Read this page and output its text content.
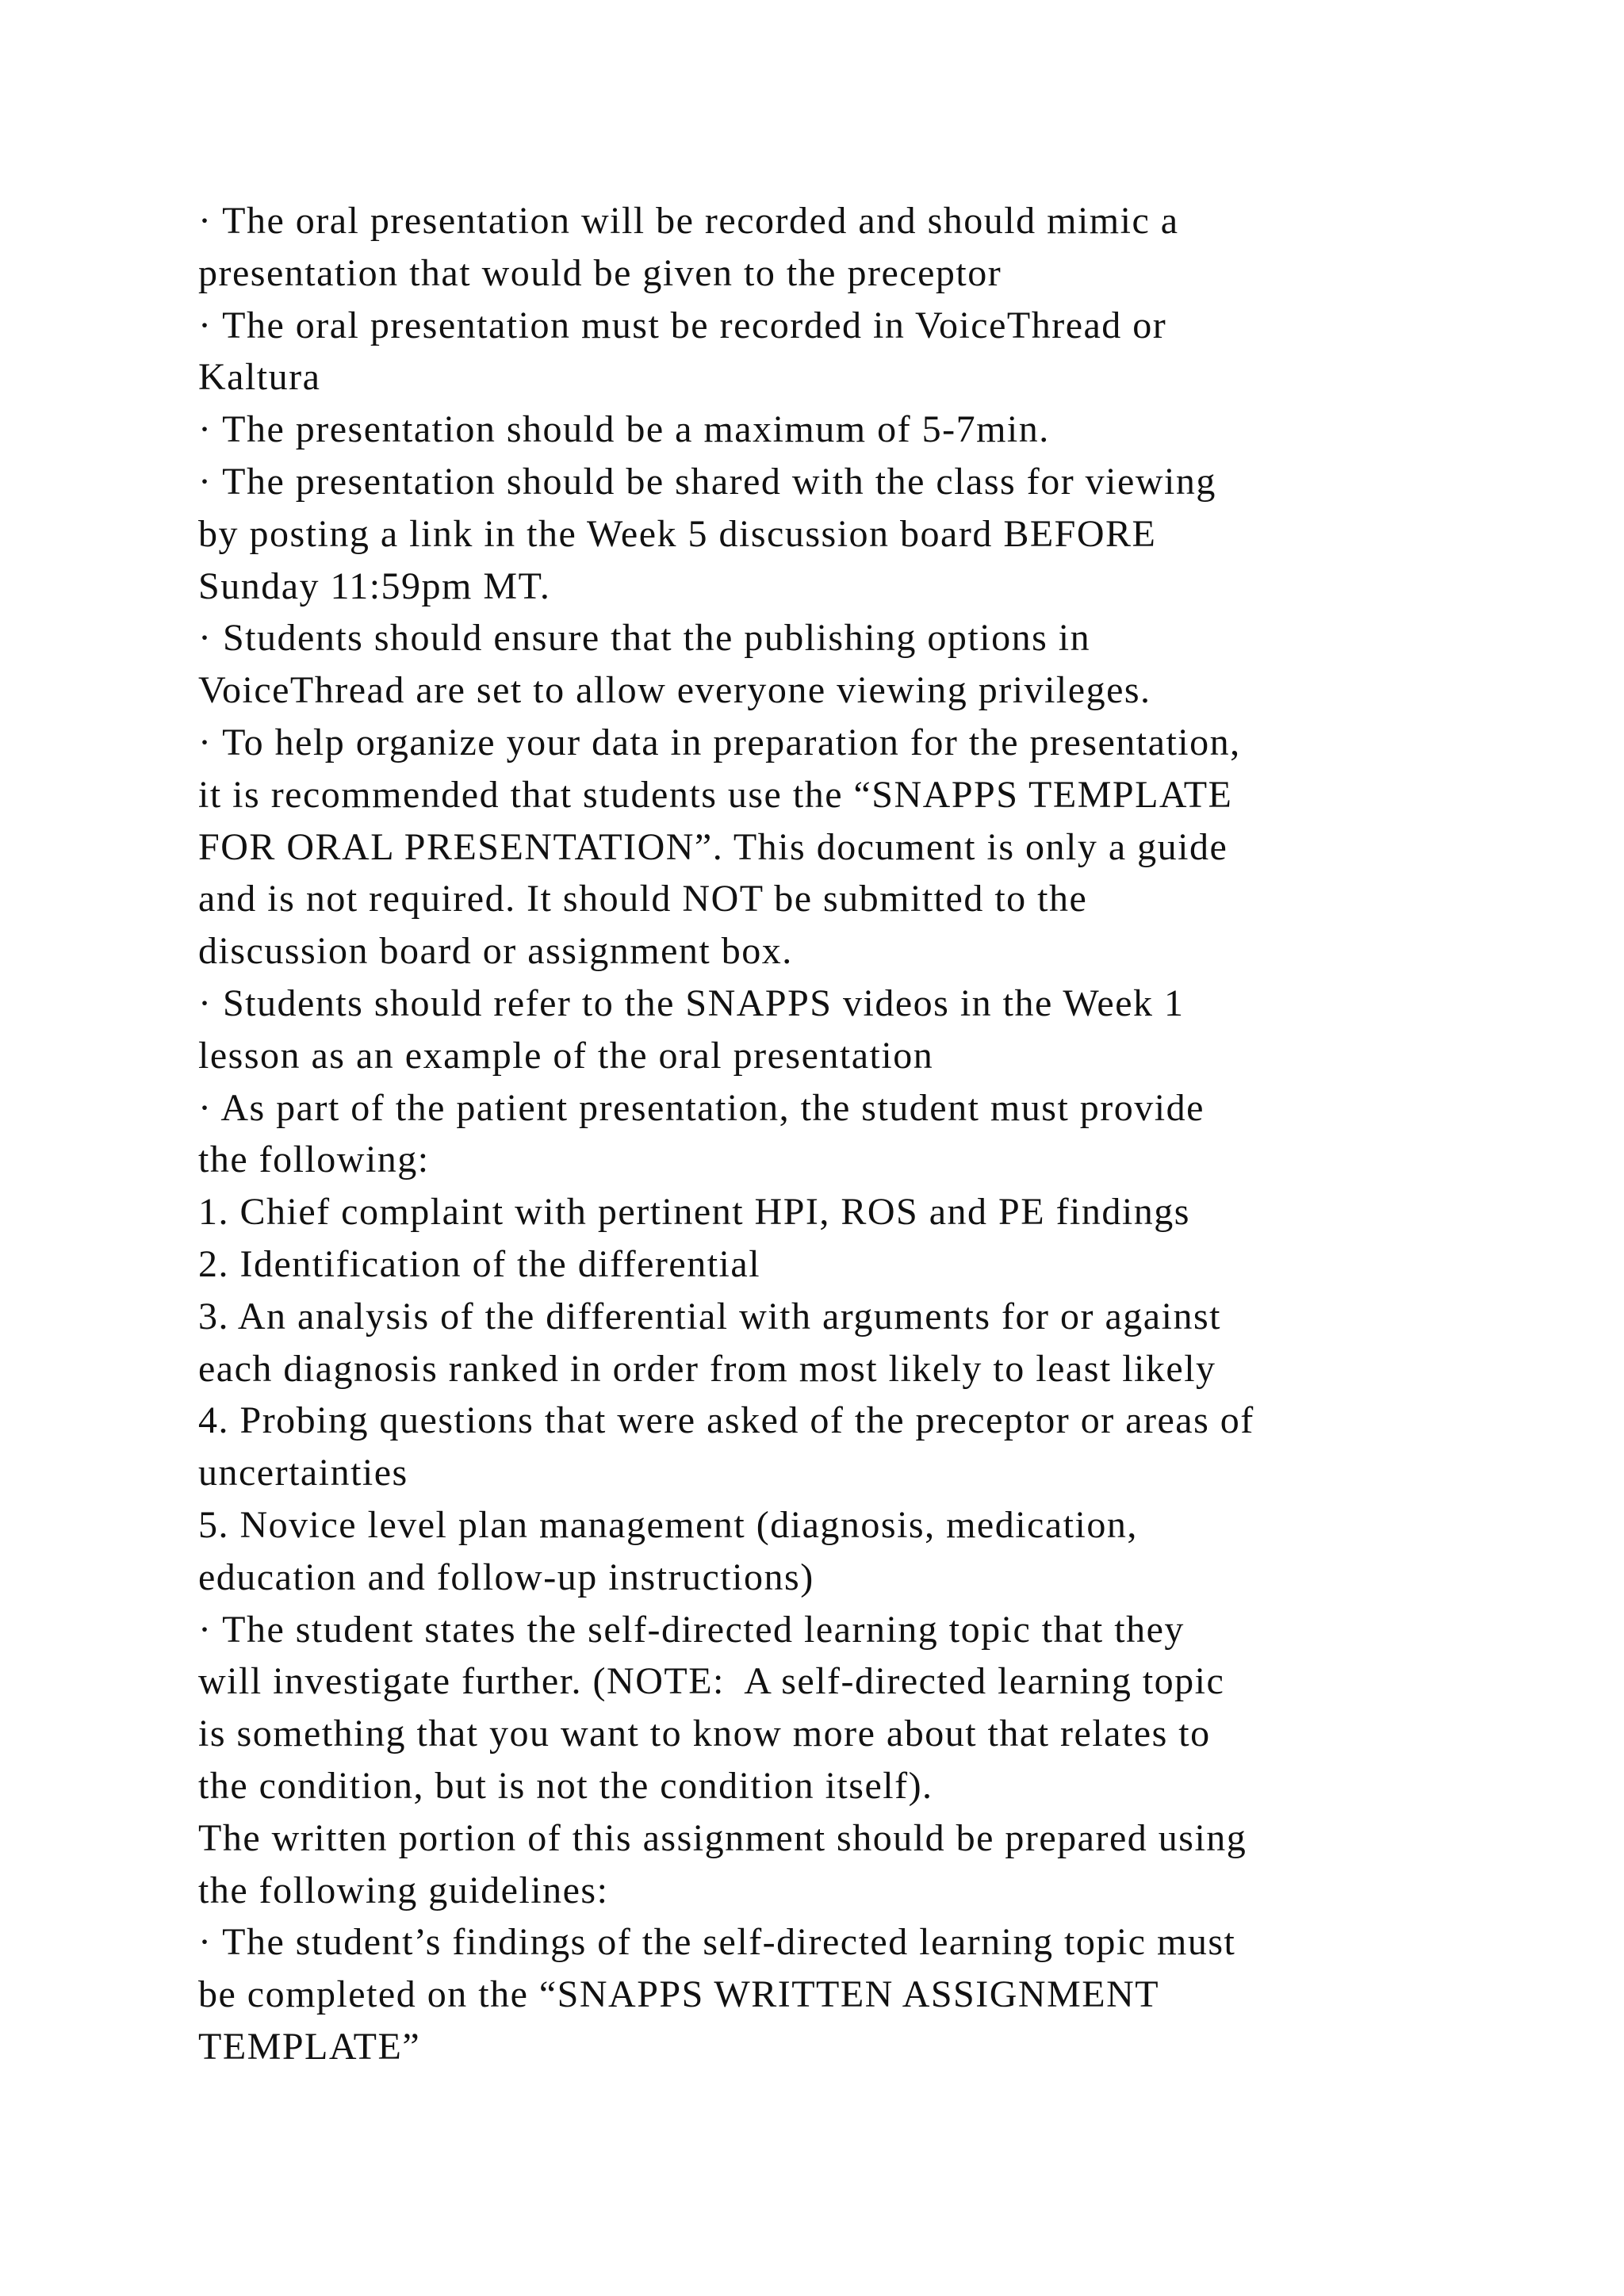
· The oral presentation will be recorded and should mimic a
presentation that would be given to the preceptor
· The oral presentation must be recorded in VoiceThread or
Kaltura
· The presentation should be a maximum of 5-7min.
· The presentation should be shared with the class for viewing
by posting a link in the Week 5 discussion board BEFORE
Sunday 11:59pm MT.
· Students should ensure that the publishing options in
VoiceThread are set to allow everyone viewing privileges.
· To help organize your data in preparation for the presentation,
it is recommended that students use the “SNAPPS TEMPLATE
FOR ORAL PRESENTATION”. This document is only a guide
and is not required. It should NOT be submitted to the
discussion board or assignment box.
· Students should refer to the SNAPPS videos in the Week 1
lesson as an example of the oral presentation
· As part of the patient presentation, the student must provide
the following:
1. Chief complaint with pertinent HPI, ROS and PE findings
2. Identification of the differential
3. An analysis of the differential with arguments for or against
each diagnosis ranked in order from most likely to least likely
4. Probing questions that were asked of the preceptor or areas of
uncertainties
5. Novice level plan management (diagnosis, medication,
education and follow-up instructions)
· The student states the self-directed learning topic that they
will investigate further. (NOTE:  A self-directed learning topic
is something that you want to know more about that relates to
the condition, but is not the condition itself).
The written portion of this assignment should be prepared using
the following guidelines:
· The student’s findings of the self-directed learning topic must
be completed on the “SNAPPS WRITTEN ASSIGNMENT
TEMPLATE”
